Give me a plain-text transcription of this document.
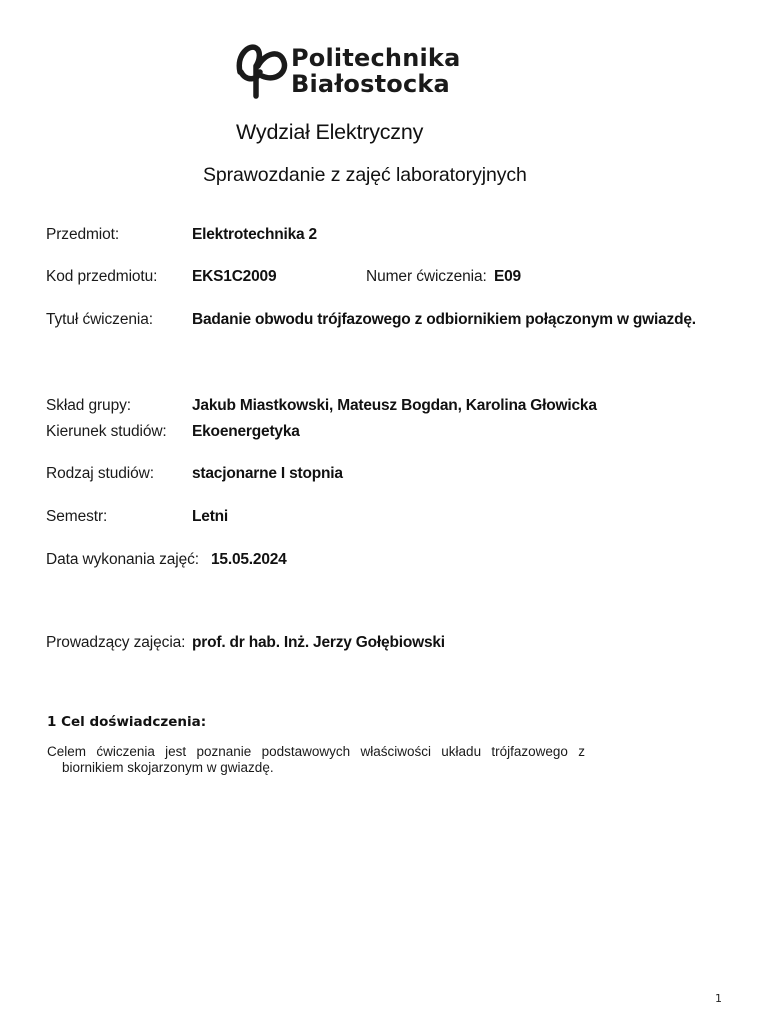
Politechnika
Białostocka
Wydział Elektryczny
Sprawozdanie z zajęć laboratoryjnych
Przedmiot:	Elektrotechnika 2
Kod przedmiotu: EKS1C2009	Numer ćwiczenia: E09
Tytuł ćwiczenia:	Badanie obwodu trójfazowego z odbiornikiem połączonym w gwiazdę.
Skład grupy:	Jakub Miastkowski, Mateusz Bogdan, Karolina Głowicka
Kierunek studiów: Ekoenergetyka
Rodzaj studiów: stacjonarne I stopnia
Semestr:	Letni
Data wykonania zajęć: 15.05.2024
Prowadzący zajęcia: prof. dr hab. Inż. Jerzy Gołębiowski
1 Cel doświadczenia:
Celem ćwiczenia jest poznanie podstawowych właściwości układu trójfazowego z
biornikiem skojarzonym w gwiazdę.
1
